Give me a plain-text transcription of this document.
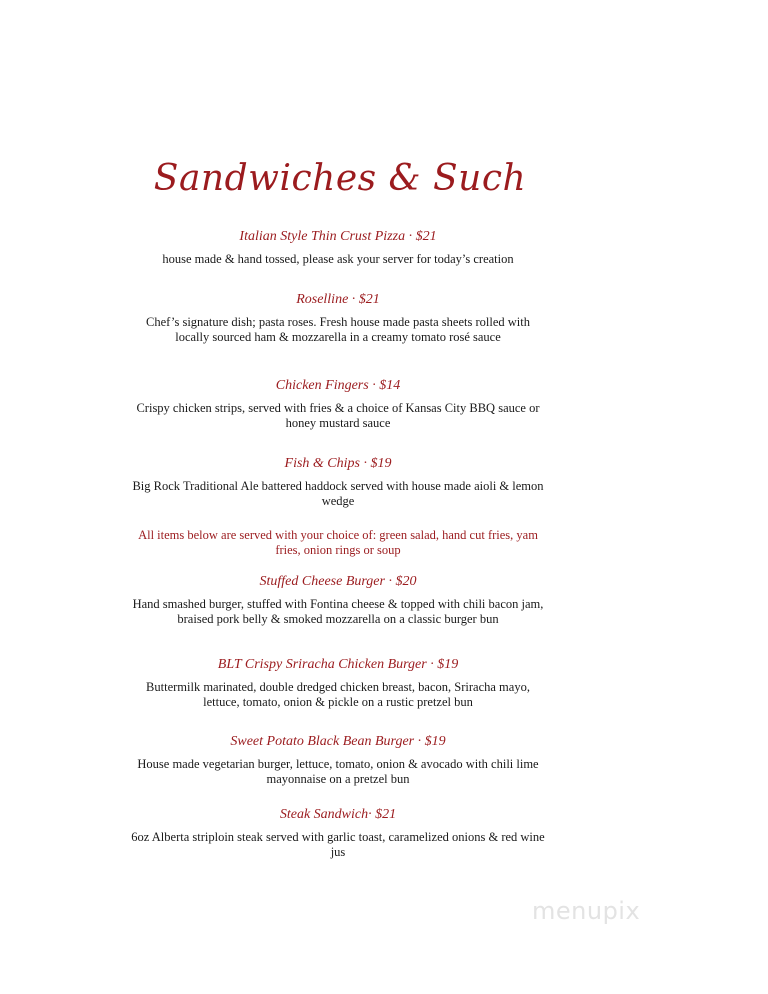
Sandwiches & Such

Italian Style Thin Crust Pizza · $21

house made & hand tossed, please ask your server for today’s creation

Roselline · $21

Chef’s signature dish; pasta roses. Fresh house made pasta sheets rolled with locally sourced ham & mozzarella in a creamy tomato rosé sauce

Chicken Fingers · $14

Crispy chicken strips, served with fries & a choice of Kansas City BBQ sauce or honey mustard sauce

Fish & Chips · $19

Big Rock Traditional Ale battered haddock served with house made aioli & lemon wedge

All items below are served with your choice of: green salad, hand cut fries, yam fries, onion rings or soup

Stuffed Cheese Burger · $20

Hand smashed burger, stuffed with Fontina cheese & topped with chili bacon jam, braised pork belly & smoked mozzarella on a classic burger bun

BLT Crispy Sriracha Chicken Burger · $19

Buttermilk marinated, double dredged chicken breast, bacon, Sriracha mayo, lettuce, tomato, onion & pickle on a rustic pretzel bun

Sweet Potato Black Bean Burger · $19

House made vegetarian burger, lettuce, tomato, onion & avocado with chili lime mayonnaise on a pretzel bun

Steak Sandwich· $21

6oz Alberta striploin steak served with garlic toast, caramelized onions & red wine jus

menupix
